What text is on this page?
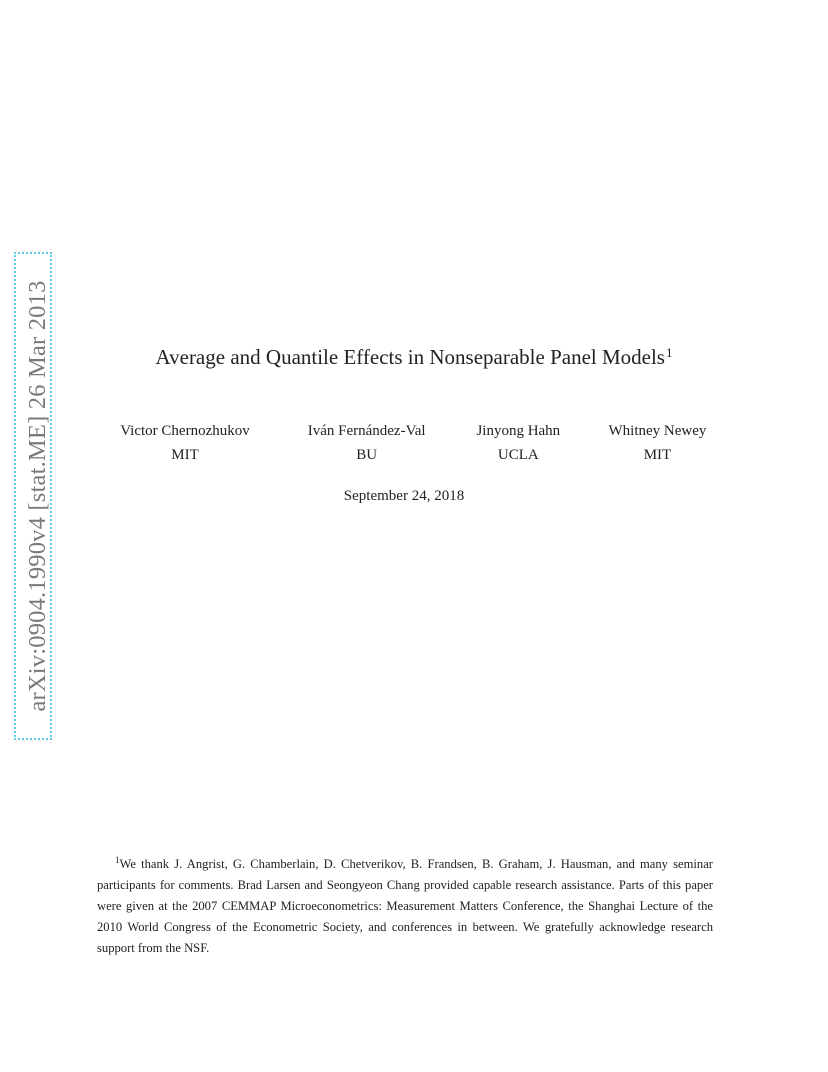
arXiv:0904.1990v4 [stat.ME] 26 Mar 2013	Average and Quantile Effects in Nonseparable Panel Models$^1$
Victor Chernozhukov
MIT
Iván Fernández-Val
BU
Jinyong Hahn
UCLA
Whitney Newey
MIT
September 24, 2018
$^1$We thank J. Angrist, G. Chamberlain, D. Chetverikov, B. Frandsen, B. Graham, J. Hausman, and many seminar participants for comments. Brad Larsen and Seongyeon Chang provided capable research assistance. Parts of this paper were given at the 2007 CEMMAP Microeconometrics: Measurement Matters Conference, the Shanghai Lecture of the 2010 World Congress of the Econometric Society, and conferences in between. We gratefully acknowledge research support from the NSF.
